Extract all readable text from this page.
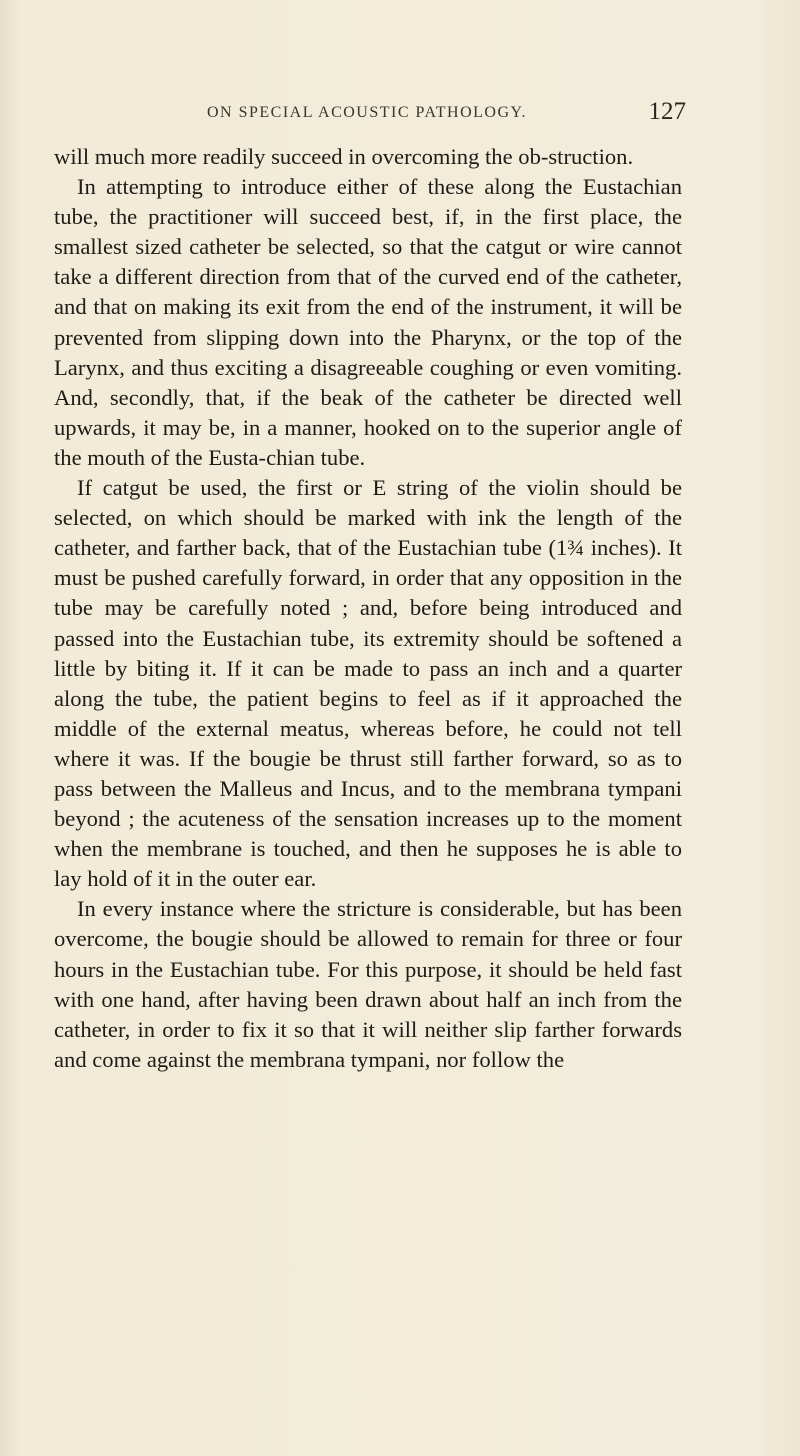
ON SPECIAL ACOUSTIC PATHOLOGY.	127

will much more readily succeed in overcoming the ob-struction.

In attempting to introduce either of these along the Eustachian tube, the practitioner will succeed best, if, in the first place, the smallest sized catheter be selected, so that the catgut or wire cannot take a different direction from that of the curved end of the catheter, and that on making its exit from the end of the instrument, it will be prevented from slipping down into the Pharynx, or the top of the Larynx, and thus exciting a disagreeable coughing or even vomiting. And, secondly, that, if the beak of the catheter be directed well upwards, it may be, in a manner, hooked on to the superior angle of the mouth of the Eusta-chian tube.

If catgut be used, the first or E string of the violin should be selected, on which should be marked with ink the length of the catheter, and farther back, that of the Eustachian tube (1¾ inches). It must be pushed carefully forward, in order that any opposition in the tube may be carefully noted ; and, before being introduced and passed into the Eustachian tube, its extremity should be softened a little by biting it. If it can be made to pass an inch and a quarter along the tube, the patient begins to feel as if it approached the middle of the external meatus, whereas before, he could not tell where it was. If the bougie be thrust still farther forward, so as to pass between the Malleus and Incus, and to the membrana tympani beyond ; the acuteness of the sensation increases up to the moment when the membrane is touched, and then he supposes he is able to lay hold of it in the outer ear.

In every instance where the stricture is considerable, but has been overcome, the bougie should be allowed to remain for three or four hours in the Eustachian tube. For this purpose, it should be held fast with one hand, after having been drawn about half an inch from the catheter, in order to fix it so that it will neither slip farther forwards and come against the membrana tympani, nor follow the
